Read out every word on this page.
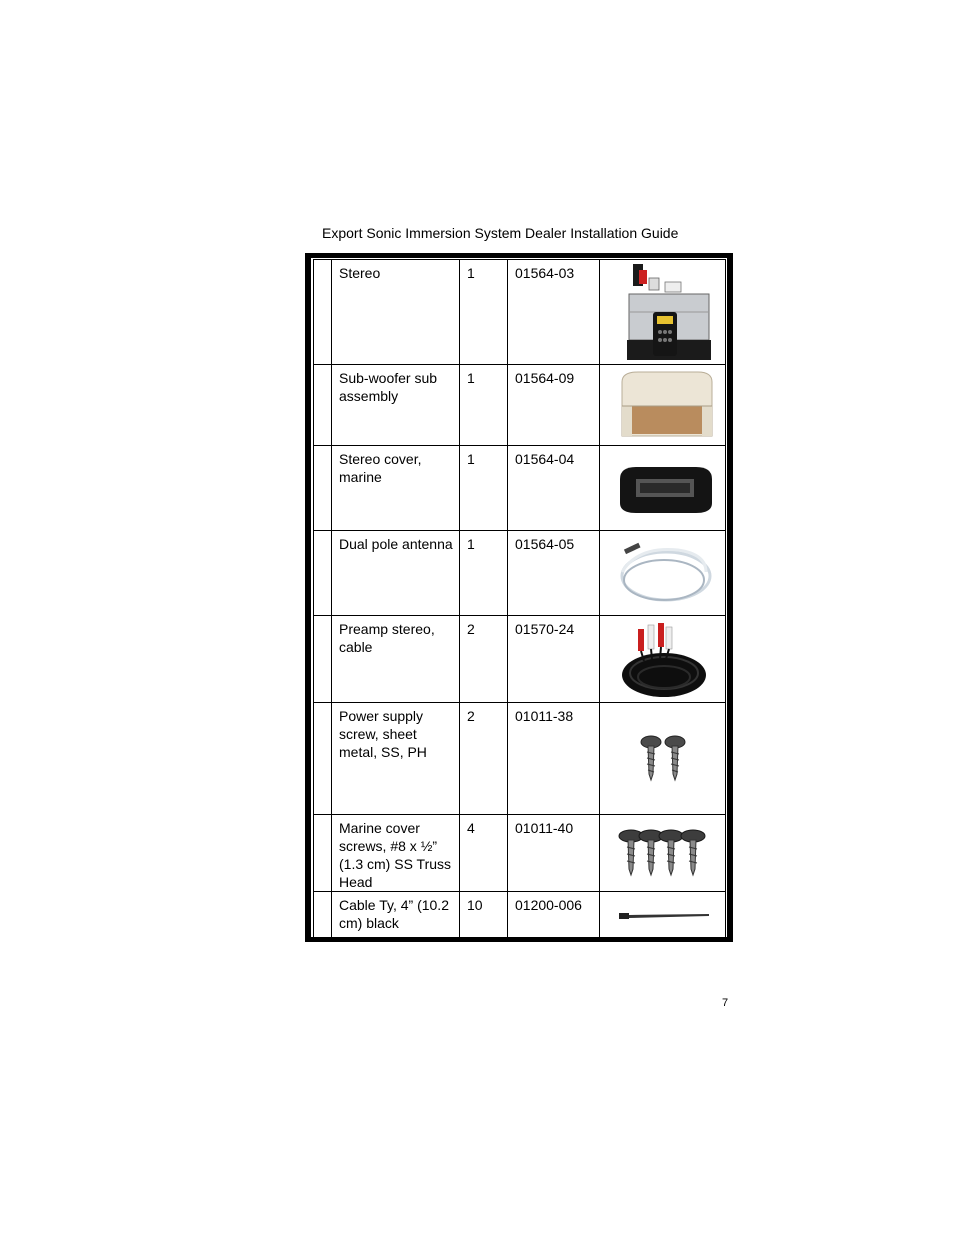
Export Sonic Immersion System Dealer Installation Guide
	Stereo	1	01564-03	

	Sub-woofer sub assembly	1	01564-09	

	Stereo cover, marine	1	01564-04	

	Dual pole antenna	1	01564-05	

	Preamp stereo, cable	2	01570-24	

	Power supply screw, sheet metal, SS, PH	2	01011-38	

	Marine cover screws, #8 x ½” (1.3 cm) SS Truss Head	4	01011-40	

	Cable Ty, 4” (10.2 cm) black	10	01200-006	
7
